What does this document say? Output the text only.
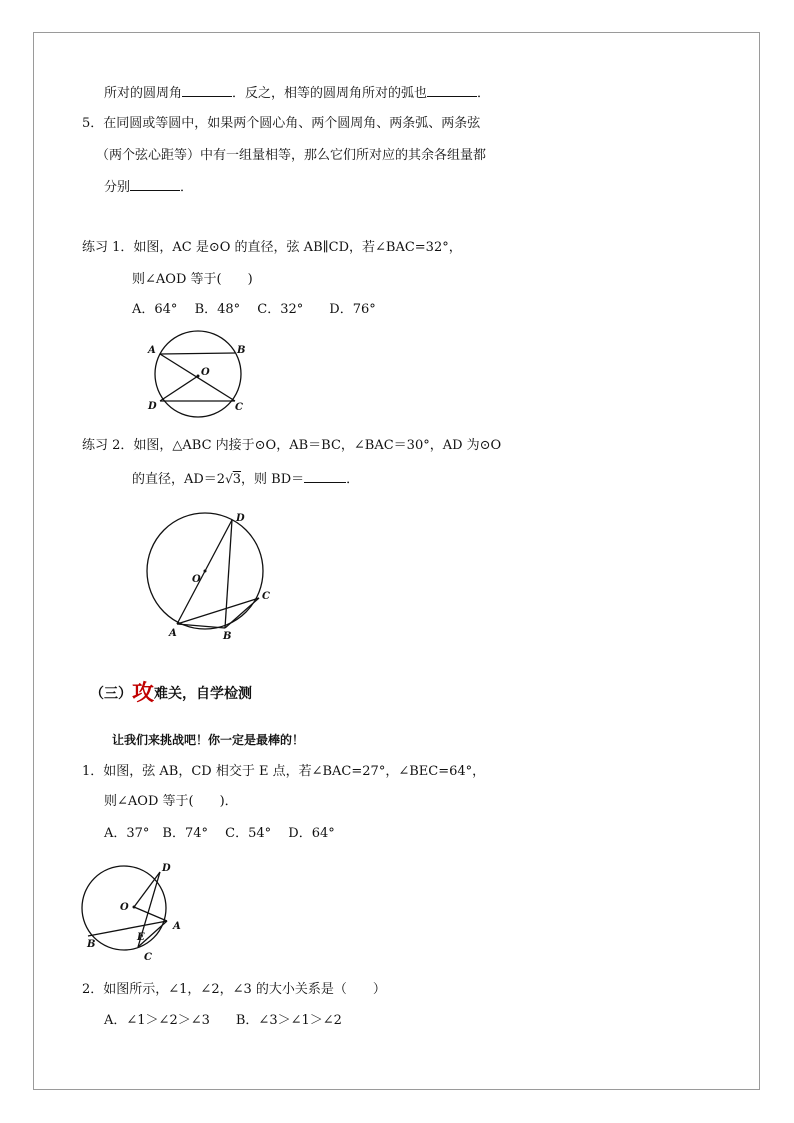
所对的圆周角	．反之，相等的圆周角所对的弧也	．
5．在同圆或等圆中，如果两个圆心角、两个圆周角、两条弧、两条弦
（两个弦心距等）中有一组量相等，那么它们所对应的其余各组量都
分别	．
练习 1．如图，AC 是⊙O 的直径，弦 AB∥CD，若∠BAC=32°，
则∠AOD 等于(　　)
A．64°　 B．48°　 C．32°　　D．76°
A	B
O
D	C
练习 2．如图，△ABC 内接于⊙O，AB＝BC，∠BAC＝30°，AD 为⊙O
的直径，AD＝2√3，则 BD＝	．
D
O
C
A	B
（三）攻难关，自学检测
让我们来挑战吧！你一定是最棒的！
1．如图，弦 AB，CD 相交于 E 点，若∠BAC=27°，∠BEC=64°，
则∠AOD 等于(　　)．
A．37°　B．74°　 C．54°　 D．64°
D
O
A
E
B
C
2．如图所示，∠1，∠2，∠3 的大小关系是（　　）
A．∠1＞∠2＞∠3　　B．∠3＞∠1＞∠2
